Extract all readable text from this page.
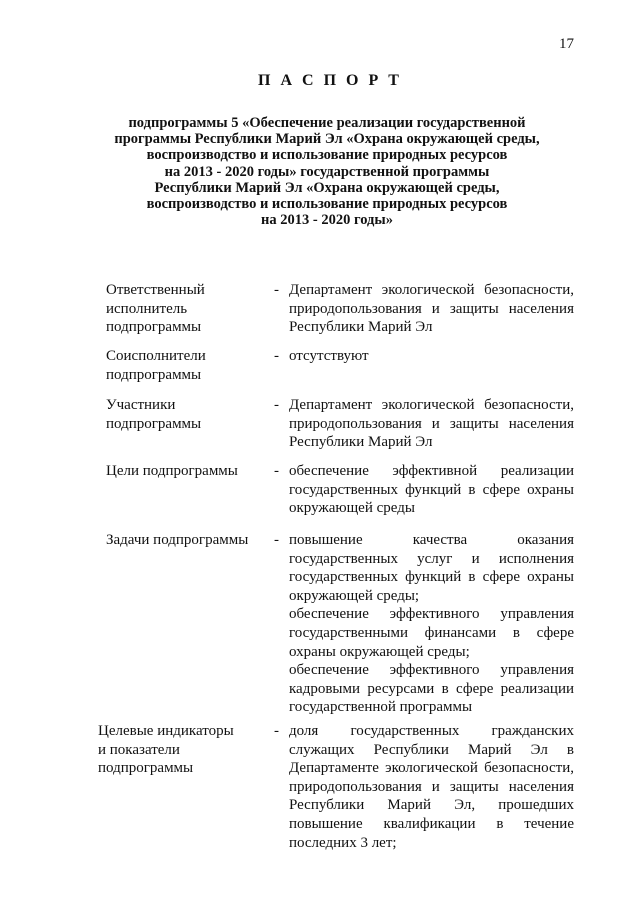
17
П А С П О Р Т
подпрограммы 5 «Обеспечение реализации государственной
программы Республики Марий Эл «Охрана окружающей среды,
воспроизводство и использование природных ресурсов
на 2013 - 2020 годы» государственной программы
Республики Марий Эл «Охрана окружающей среды,
воспроизводство и использование природных ресурсов
на 2013 - 2020 годы»
Ответственный
исполнитель
подпрограммы
- Департамент экологической безопасности, природопользования и защиты населения Республики Марий Эл
Соисполнители
подпрограммы
- отсутствуют
Участники
подпрограммы
- Департамент экологической безопасности, природопользования и защиты населения Республики Марий Эл
Цели подпрограммы - обеспечение эффективной реализации государственных функций в сфере охраны окружающей среды
Задачи подпрограммы - повышение качества оказания государственных услуг и исполнения государственных функций в сфере охраны окружающей среды;
обеспечение эффективного управления государственными финансами в сфере охраны окружающей среды;
обеспечение эффективного управления кадровыми ресурсами в сфере реализации государственной программы
Целевые индикаторы
и показатели
подпрограммы
- доля государственных гражданских служащих Республики Марий Эл в Департаменте экологической безопасности, природопользования и защиты населения Республики Марий Эл, прошедших повышение квалификации в течение последних 3 лет;
